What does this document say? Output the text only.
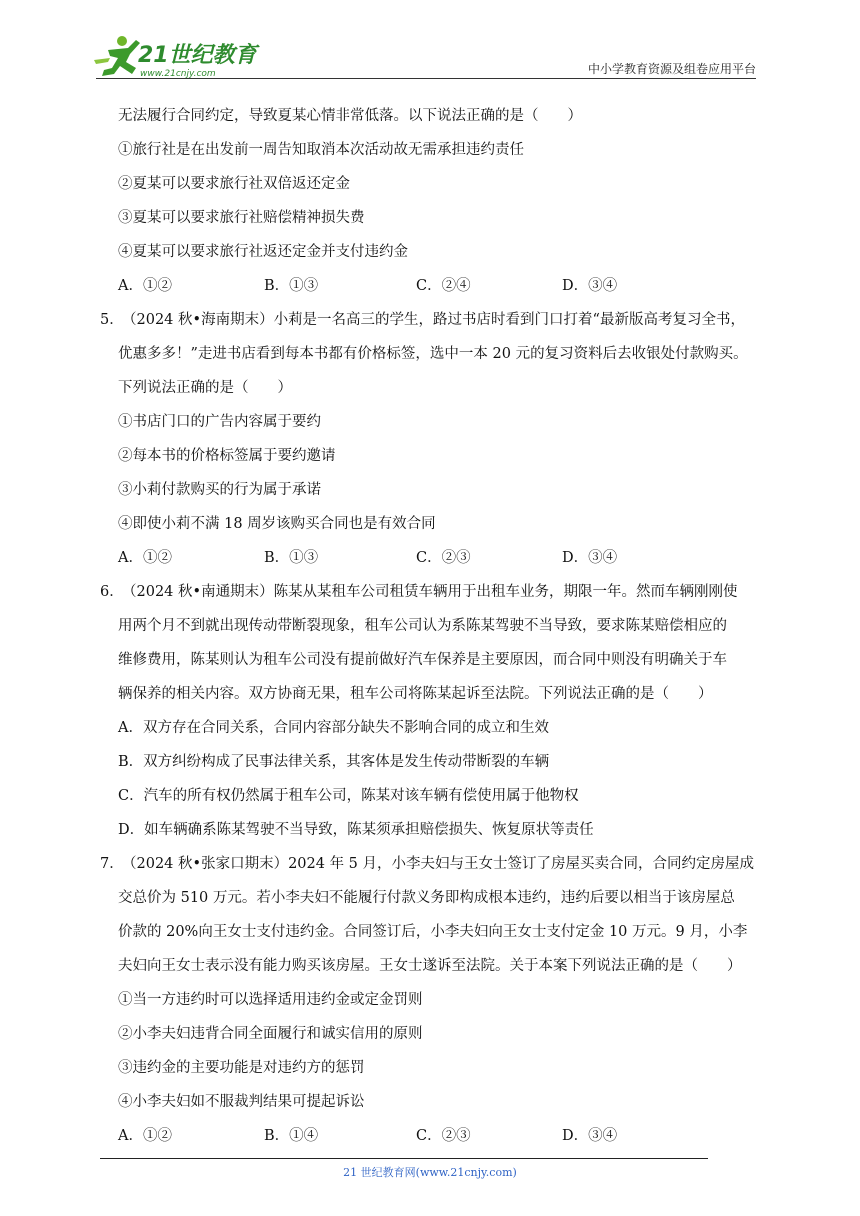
21世纪教育
www.21cnjy.com	中小学教育资源及组卷应用平台
无法履行合同约定，导致夏某心情非常低落。以下说法正确的是（　　）
①旅行社是在出发前一周告知取消本次活动故无需承担违约责任
②夏某可以要求旅行社双倍返还定金
③夏某可以要求旅行社赔偿精神损失费
④夏某可以要求旅行社返还定金并支付违约金
A．①②	B．①③	C．②④	D．③④
5．
（2024 秋•海南期末）小莉是一名高三的学生，路过书店时看到门口打着“最新版高考复习全书，
优惠多多！”走进书店看到每本书都有价格标签，选中一本 20 元的复习资料后去收银处付款购买。
下列说法正确的是（　　）
①书店门口的广告内容属于要约
②每本书的价格标签属于要约邀请
③小莉付款购买的行为属于承诺
④即使小莉不满 18 周岁该购买合同也是有效合同
A．①②	B．①③	C．②③	D．③④
6．
（2024 秋•南通期末）陈某从某租车公司租赁车辆用于出租车业务，期限一年。然而车辆刚刚使
用两个月不到就出现传动带断裂现象，租车公司认为系陈某驾驶不当导致，要求陈某赔偿相应的
维修费用，陈某则认为租车公司没有提前做好汽车保养是主要原因，而合同中则没有明确关于车
辆保养的相关内容。双方协商无果，租车公司将陈某起诉至法院。下列说法正确的是（　　）
A．双方存在合同关系，合同内容部分缺失不影响合同的成立和生效
B．双方纠纷构成了民事法律关系，其客体是发生传动带断裂的车辆
C．汽车的所有权仍然属于租车公司，陈某对该车辆有偿使用属于他物权
D．如车辆确系陈某驾驶不当导致，陈某须承担赔偿损失、恢复原状等责任
7．
（2024 秋•张家口期末）2024 年 5 月，小李夫妇与王女士签订了房屋买卖合同，合同约定房屋成
交总价为 510 万元。若小李夫妇不能履行付款义务即构成根本违约，违约后要以相当于该房屋总
价款的 20%向王女士支付违约金。合同签订后，小李夫妇向王女士支付定金 10 万元。9 月，小李
夫妇向王女士表示没有能力购买该房屋。王女士遂诉至法院。关于本案下列说法正确的是（　　）
①当一方违约时可以选择适用违约金或定金罚则
②小李夫妇违背合同全面履行和诚实信用的原则
③违约金的主要功能是对违约方的惩罚
④小李夫妇如不服裁判结果可提起诉讼
A．①②	B．①④	C．②③	D．③④
21 世纪教育网(www.21cnjy.com)
